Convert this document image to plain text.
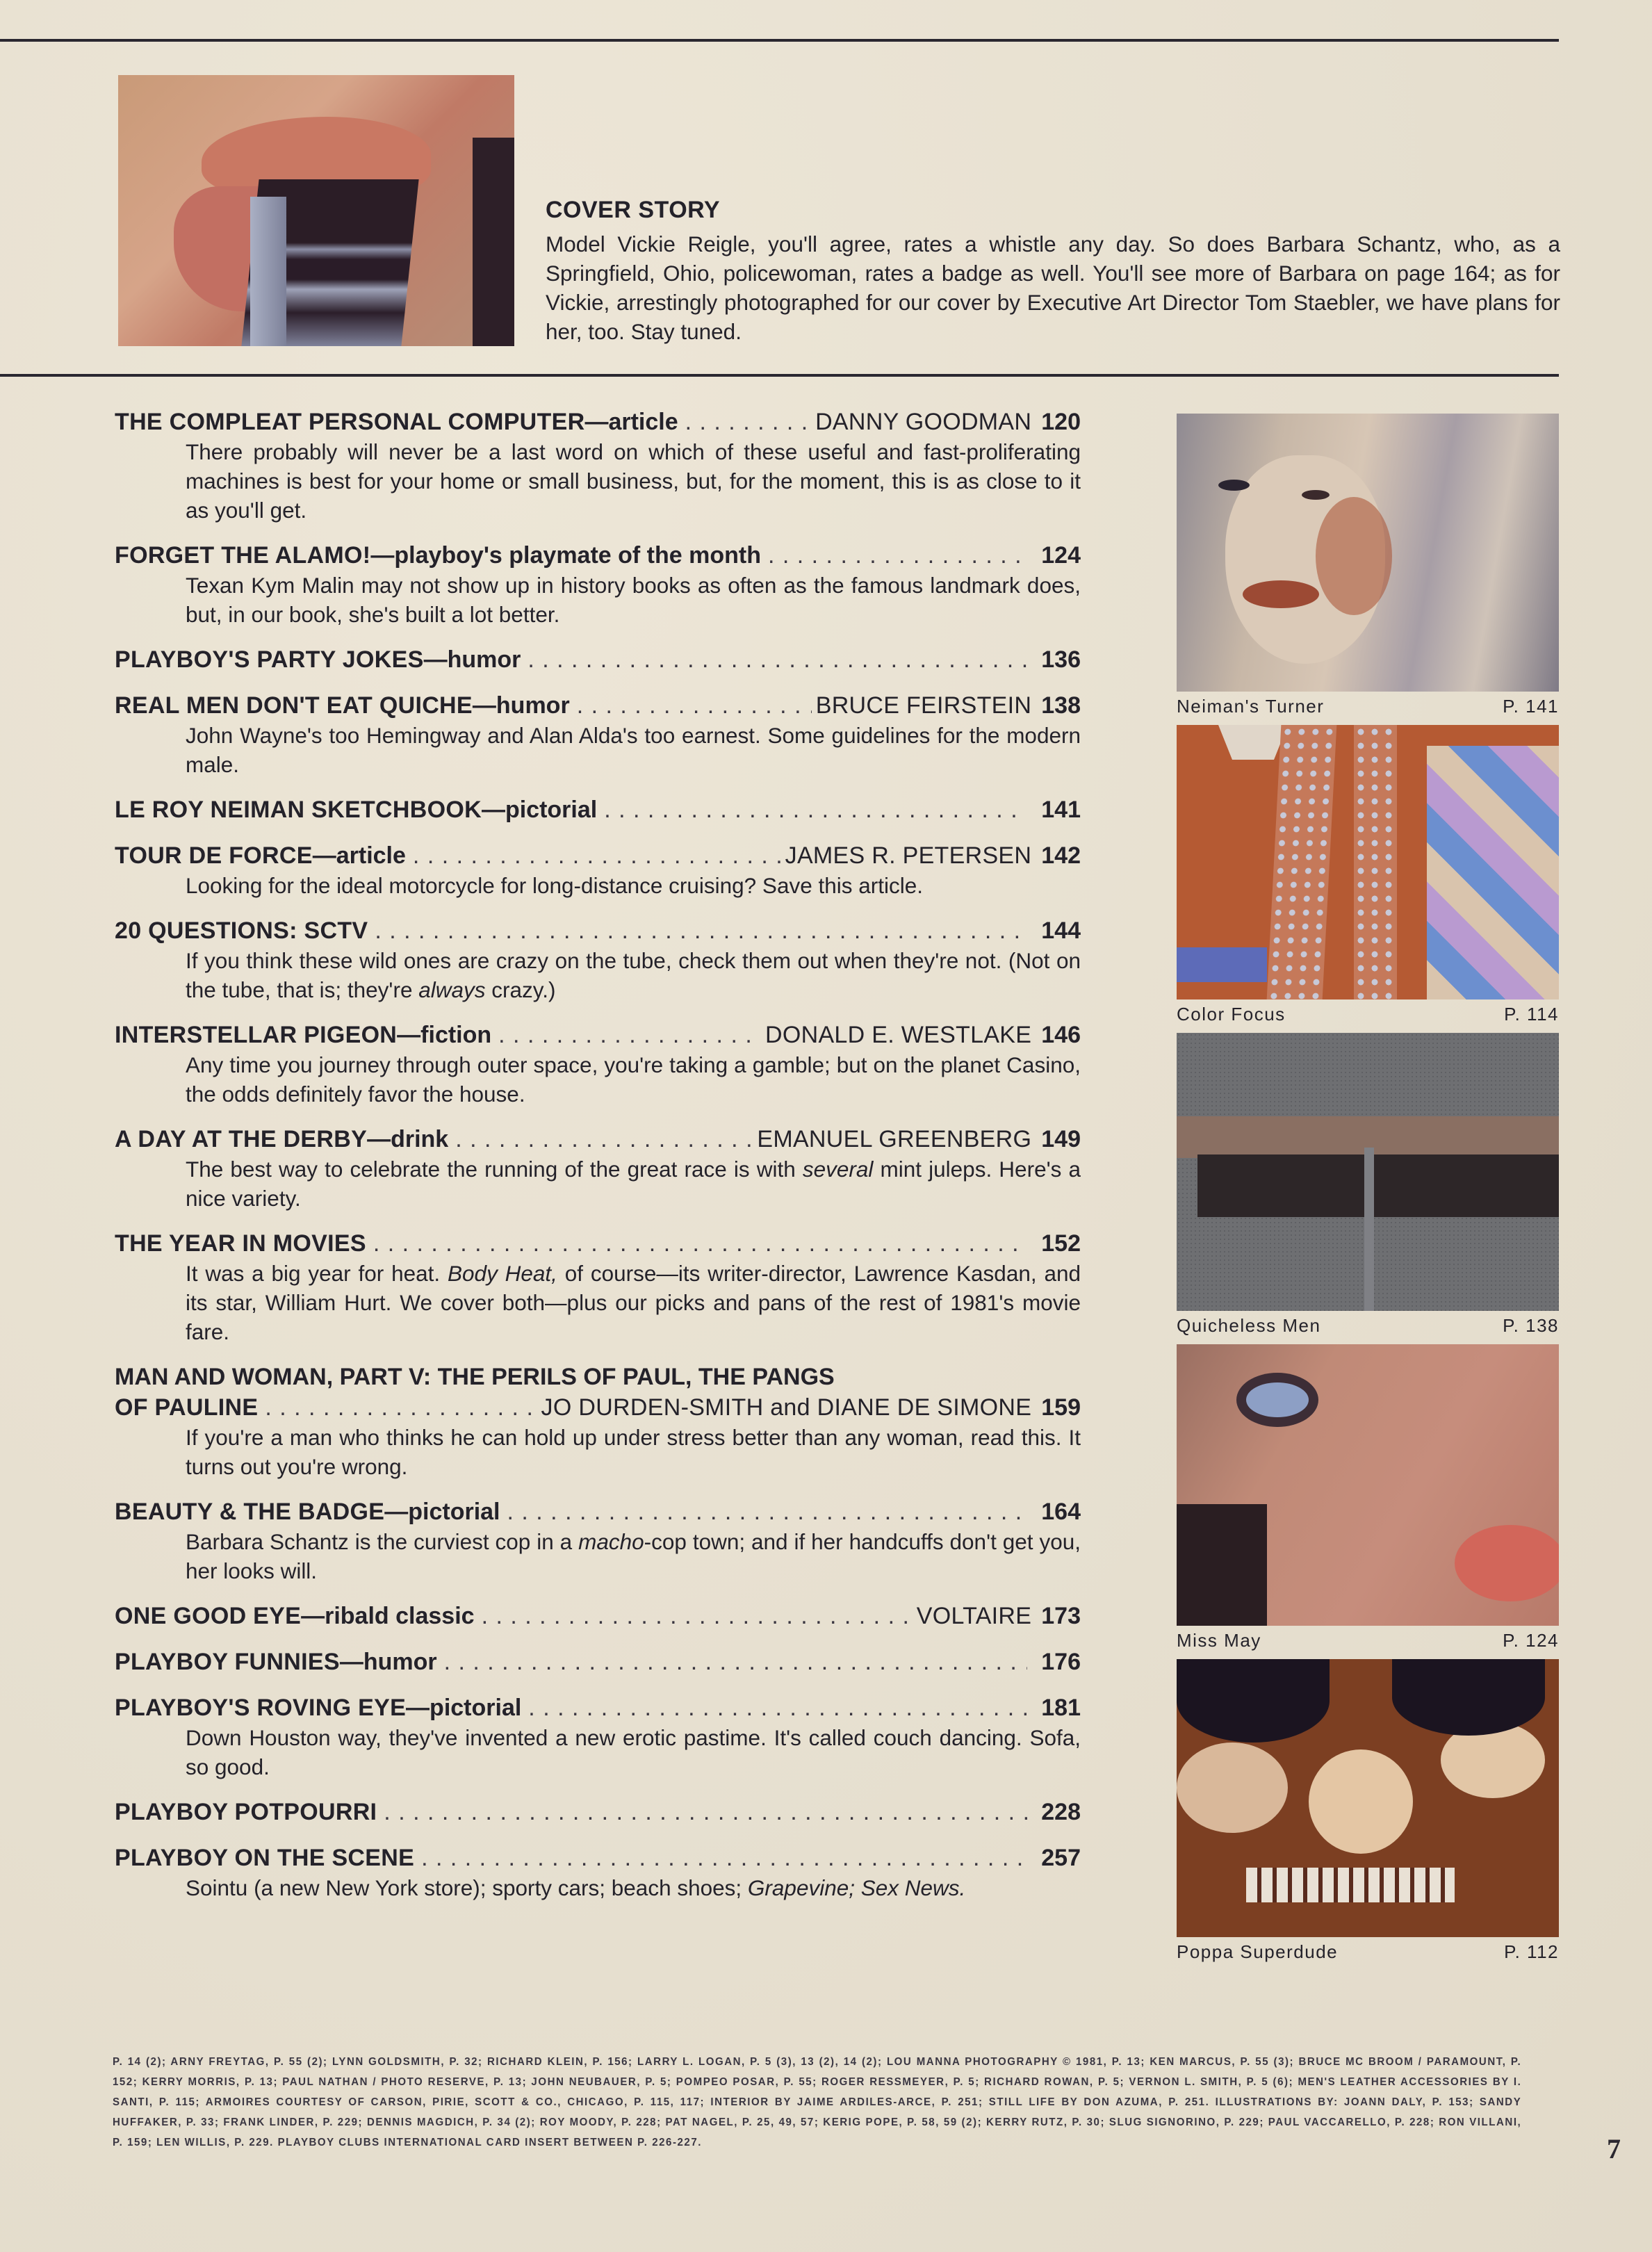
COVER STORY

Model Vickie Reigle, you'll agree, rates a whistle any day. So does Barbara Schantz, who, as a Springfield, Ohio, policewoman, rates a badge as well. You'll see more of Barbara on page 164; as for Vickie, arrestingly photographed for our cover by Executive Art Director Tom Staebler, we have plans for her, too. Stay tuned.

THE COMPLEAT PERSONAL COMPUTER — article . . .	DANNY GOODMAN 120
There probably will never be a last word on which of these useful and fast-proliferating machines is best for your home or small business, but, for the moment, this is as close to it as you'll get.
FORGET THE ALAMO! — playboy's playmate of the month . . .	124
Texan Kym Malin may not show up in history books as often as the famous landmark does, but, in our book, she's built a lot better.
PLAYBOY'S PARTY JOKES — humor . . .	136
REAL MEN DON'T EAT QUICHE — humor . . .	BRUCE FEIRSTEIN 138
John Wayne's too Hemingway and Alan Alda's too earnest. Some guidelines for the modern male.
LE ROY NEIMAN SKETCHBOOK — pictorial . . .	141
TOUR DE FORCE — article . . .	JAMES R. PETERSEN 142
Looking for the ideal motorcycle for long-distance cruising? Save this article.
20 QUESTIONS: SCTV . . .	144
If you think these wild ones are crazy on the tube, check them out when they're not. (Not on the tube, that is; they're always crazy.)
INTERSTELLAR PIGEON — fiction . . .	DONALD E. WESTLAKE 146
Any time you journey through outer space, you're taking a gamble; but on the planet Casino, the odds definitely favor the house.
A DAY AT THE DERBY — drink . . .	EMANUEL GREENBERG 149
The best way to celebrate the running of the great race is with several mint juleps. Here's a nice variety.
THE YEAR IN MOVIES . . .	152
It was a big year for heat. Body Heat, of course—its writer-director, Lawrence Kasdan, and its star, William Hurt. We cover both—plus our picks and pans of the rest of 1981's movie fare.
MAN AND WOMAN, PART V: THE PERILS OF PAUL, THE PANGS
OF PAULINE . . .	JO DURDEN-SMITH and DIANE DE SIMONE 159
If you're a man who thinks he can hold up under stress better than any woman, read this. It turns out you're wrong.
BEAUTY & THE BADGE — pictorial . . .	164
Barbara Schantz is the curviest cop in a macho-cop town; and if her handcuffs don't get you, her looks will.
ONE GOOD EYE — ribald classic . . .	VOLTAIRE 173
PLAYBOY FUNNIES — humor . . .	176
PLAYBOY'S ROVING EYE — pictorial . . .	181
Down Houston way, they've invented a new erotic pastime. It's called couch dancing. Sofa, so good.
PLAYBOY POTPOURRI . . .	228
PLAYBOY ON THE SCENE . . .	257
Sointu (a new New York store); sporty cars; beach shoes; Grapevine; Sex News.
Neiman's Turner	P. 141
Color Focus	P. 114
Quicheless Men	P. 138
Miss May	P. 124
Poppa Superdude	P. 112
P. 14 (2); ARNY FREYTAG, P. 55 (2); LYNN GOLDSMITH, P. 32; RICHARD KLEIN, P. 156; LARRY L. LOGAN, P. 5 (3), 13 (2), 14 (2); LOU MANNA PHOTOGRAPHY © 1981, P. 13; KEN MARCUS, P. 55 (3); BRUCE MC BROOM / PARAMOUNT, P. 152; KERRY MORRIS, P. 13; PAUL NATHAN / PHOTO RESERVE, P. 13; JOHN NEUBAUER, P. 5; POMPEO POSAR, P. 55; ROGER RESSMEYER, P. 5; RICHARD ROWAN, P. 5; VERNON L. SMITH, P. 5 (6); MEN'S LEATHER ACCESSORIES BY I. SANTI, P. 115; ARMOIRES COURTESY OF CARSON, PIRIE, SCOTT & CO., CHICAGO, P. 115, 117; INTERIOR BY JAIME ARDILES-ARCE, P. 251; STILL LIFE BY DON AZUMA, P. 251. ILLUSTRATIONS BY: JOANN DALY, P. 153; SANDY HUFFAKER, P. 33; FRANK LINDER, P. 229; DENNIS MAGDICH, P. 34 (2); ROY MOODY, P. 228; PAT NAGEL, P. 25, 49, 57; KERIG POPE, P. 58, 59 (2); KERRY RUTZ, P. 30; SLUG SIGNORINO, P. 229; PAUL VACCARELLO, P. 228; RON VILLANI, P. 159; LEN WILLIS, P. 229. PLAYBOY CLUBS INTERNATIONAL CARD INSERT BETWEEN P. 226-227.	7
